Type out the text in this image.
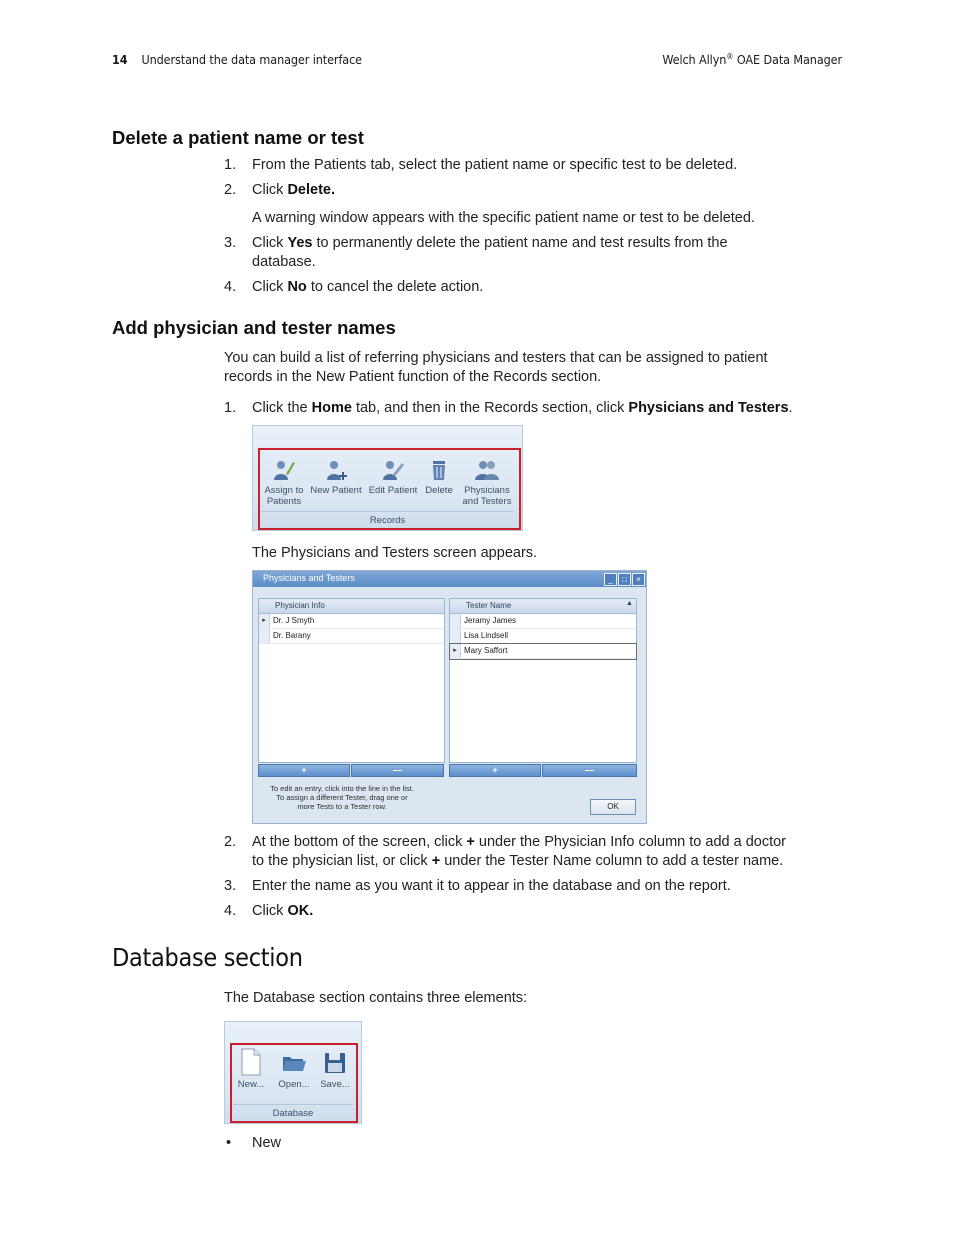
14 Understand the data manager interface	Welch Allyn® OAE Data Manager
Delete a patient name or test
1. From the Patients tab, select the patient name or specific test to be deleted.
2. Click Delete.
A warning window appears with the specific patient name or test to be deleted.
3. Click Yes to permanently delete the patient name and test results from the
database.
4. Click No to cancel the delete action.
Add physician and tester names
You can build a list of referring physicians and testers that can be assigned to patient
records in the New Patient function of the Records section.
1. Click the Home tab, and then in the Records section, click Physicians and Testers.
Assign to
Patients
New Patient Edit Patient Delete	Physicians
and Testers
Records
The Physicians and Testers screen appears.
Physicians and Testers	_	□	×
Physician Info
▸ Dr. J Smyth
Dr. Barany
Tester Name	▲
Jeramy James
Lisa Lindsell
▸ Mary Saffort
+	—	+	—
To edit an entry, click into the line in the list.
To assign a different Tester, drag one or
more Tests to a Tester row.	OK
2. At the bottom of the screen, click + under the Physician Info column to add a doctor
to the physician list, or click + under the Tester Name column to add a tester name.
3. Enter the name as you want it to appear in the database and on the report.
4. Click OK.
Database section
The Database section contains three elements:
New...	Open...	Save...
Database
• New
